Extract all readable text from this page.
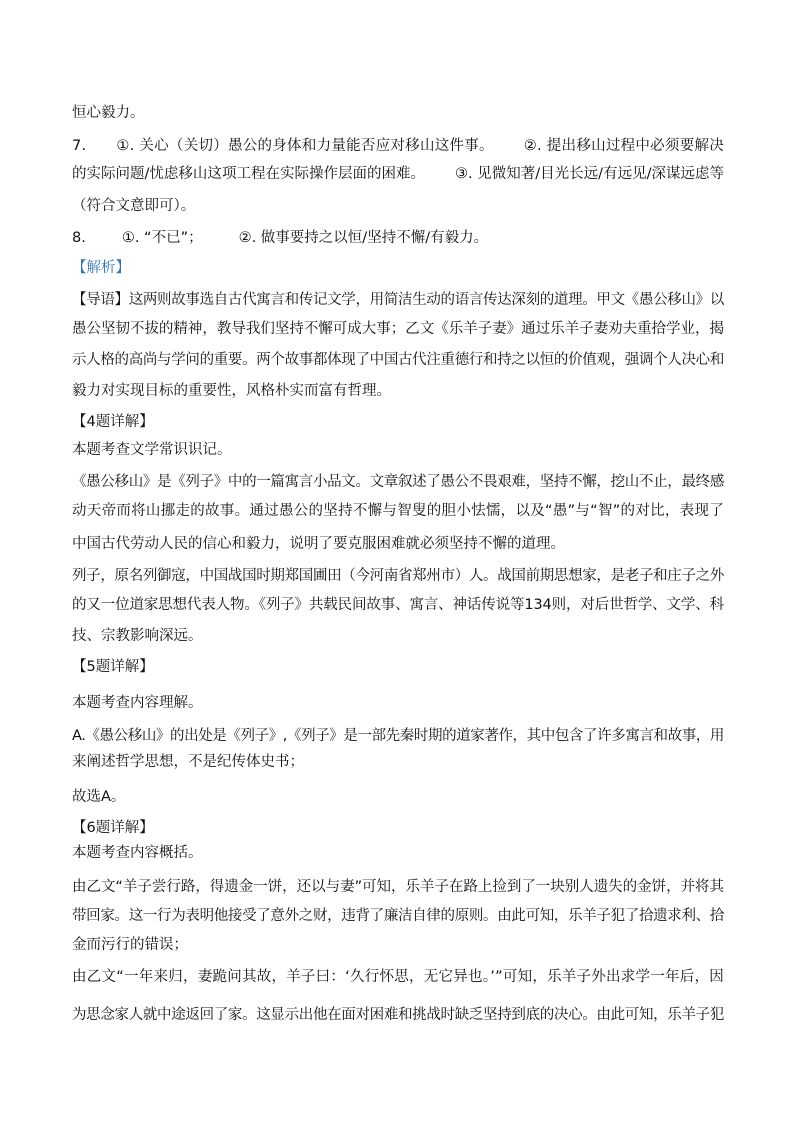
恒心毅力。
7. ①. 关心（关切）愚公的身体和力量能否应对移山这件事。 ②. 提出移山过程中必须要解决
的实际问题/忧虑移山这项工程在实际操作层面的困难。 ③. 见微知著/目光长远/有远见/深谋远虑等
（符合文意即可）。
8. ①. “不已”； ②. 做事要持之以恒/坚持不懈/有毅力。
【解析】
【导语】这两则故事选自古代寓言和传记文学，用简洁生动的语言传达深刻的道理。甲文《愚公移山》以
愚公坚韧不拔的精神，教导我们坚持不懈可成大事；乙文《乐羊子妻》通过乐羊子妻劝夫重拾学业，揭
示人格的高尚与学问的重要。两个故事都体现了中国古代注重德行和持之以恒的价值观，强调个人决心和
毅力对实现目标的重要性，风格朴实而富有哲理。
【4题详解】
本题考查文学常识识记。
《愚公移山》是《列子》中的一篇寓言小品文。文章叙述了愚公不畏艰难，坚持不懈，挖山不止，最终感
动天帝而将山挪走的故事。通过愚公的坚持不懈与智叟的胆小怯懦，以及“愚”与“智”的对比，表现了
中国古代劳动人民的信心和毅力，说明了要克服困难就必须坚持不懈的道理。
列子，原名列御寇，中国战国时期郑国圃田（今河南省郑州市）人。战国前期思想家，是老子和庄子之外
的又一位道家思想代表人物。《列子》共载民间故事、寓言、神话传说等134则，对后世哲学、文学、科
技、宗教影响深远。
【5题详解】
本题考查内容理解。
A.《愚公移山》的出处是《列子》,《列子》是一部先秦时期的道家著作，其中包含了许多寓言和故事，用
来阐述哲学思想，不是纪传体史书；
故选A。
【6题详解】
本题考查内容概括。
由乙文“羊子尝行路，得遗金一饼，还以与妻”可知，乐羊子在路上捡到了一块别人遗失的金饼，并将其
带回家。这一行为表明他接受了意外之财，违背了廉洁自律的原则。由此可知，乐羊子犯了拾遗求利、拾
金而污行的错误；
由乙文“一年来归，妻跪问其故，羊子曰：‘久行怀思，无它异也。’”可知，乐羊子外出求学一年后，因
为思念家人就中途返回了家。这显示出他在面对困难和挑战时缺乏坚持到底的决心。由此可知，乐羊子犯
